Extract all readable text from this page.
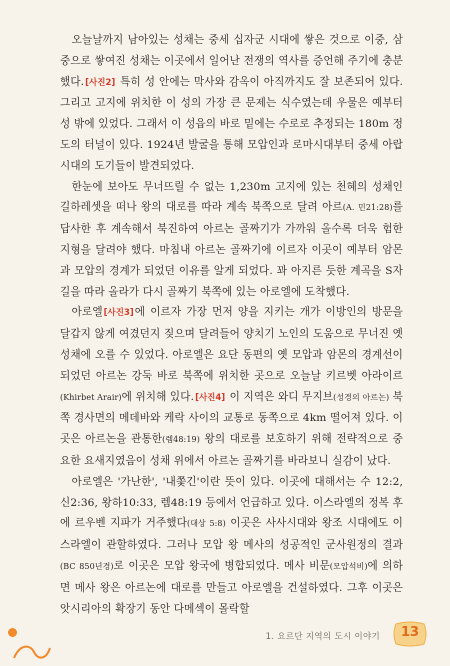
오늘날까지 남아있는 성채는 중세 십자군 시대에 쌓은 것으로 이중, 삼중으로 쌓여진 성채는 이곳에서 일어난 전쟁의 역사를 증언해 주기에 충분했다.[사진2] 특히 성 안에는 막사와 감옥이 아직까지도 잘 보존되어 있다. 그리고 고지에 위치한 이 성의 가장 큰 문제는 식수였는데 우물은 예부터 성 밖에 있었다. 그래서 이 성읍의 바로 밑에는 수로로 추정되는 180m 정도의 터널이 있다. 1924년 발굴을 통해 모압인과 로마시대부터 중세 아랍시대의 도기들이 발견되었다.

한눈에 보아도 무너뜨릴 수 없는 1,230m 고지에 있는 천혜의 성채인 길하레셋을 떠나 왕의 대로를 따라 계속 북쪽으로 달려 아르(A. 민21:28)를 답사한 후 계속해서 북진하여 아르논 골짜기가 가까워 올수록 더욱 험한 지형을 달려야 했다. 마침내 아르논 골짜기에 이르자 이곳이 예부터 암몬과 모압의 경계가 되었던 이유를 알게 되었다. 꽈 아지른 듯한 계곡을 S자 길을 따라 올라가 다시 골짜기 북쪽에 있는 아로엘에 도착했다.

아로엘[사진3]에 이르자 가장 먼저 양을 지키는 개가 이방인의 방문을 달갑지 않게 여겼던지 짖으며 달려들어 양치기 노인의 도움으로 무너진 옛 성채에 오를 수 있었다. 아로엘은 요단 동편의 옛 모압과 암몬의 경계선이 되었던 아르논 강둑 바로 북쪽에 위치한 곳으로 오늘날 키르벳 아라이르(Khirbet Arair)에 위치해 있다.[사진4] 이 지역은 와디 무지브(성경의 아르논) 북쪽 경사면의 메데바와 케락 사이의 교통로 동쪽으로 4km 떨어져 있다. 이곳은 아르논을 관통한(렘48:19) 왕의 대로를 보호하기 위해 전략적으로 중요한 요새지였음이 성채 위에서 아르논 골짜기를 바라보니 실감이 났다.

아로엘은 '가난한', '내쫓긴'이란 뜻이 있다. 이곳에 대해서는 수 12:2, 신2:36, 왕하10:33, 렘48:19 등에서 언급하고 있다. 이스라엘의 정복 후에 르우벤 지파가 거주했다(대상 5:8) 이곳은 사사시대와 왕조 시대에도 이스라엘이 관할하였다. 그러나 모압 왕 메사의 성공적인 군사원정의 결과(BC 850년경)로 이곳은 모압 왕국에 병합되었다. 메사 비문(모압석비)에 의하면 메사 왕은 아르논에 대로를 만들고 아로엘을 건설하였다. 그후 이곳은 앗시리아의 확장기 동안 다메섹이 몰락할

1. 요르단 지역의 도시 이야기	13
